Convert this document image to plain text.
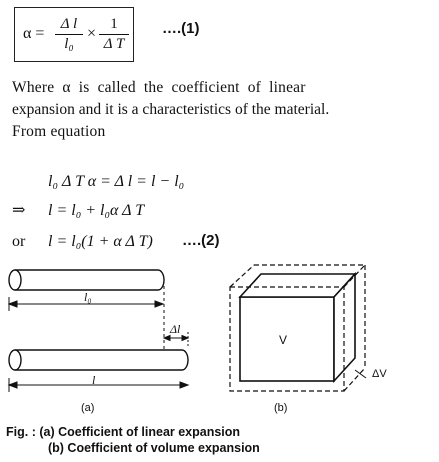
α =
Δ l
l₀
×
1
Δ T
….(1)
Where α is called the coefficient of linear
expansion and it is a characteristics of the material.
From equation
l₀ Δ T α = Δ l = l − l₀
⇒ l = l₀ + l₀α Δ T
or l = l₀(1 + α Δ T) ….(2)
l₀
Δl
l
V
ΔV
(a)	(b)
Fig. : (a) Coefficient of linear expansion
(b) Coefficient of volume expansion
